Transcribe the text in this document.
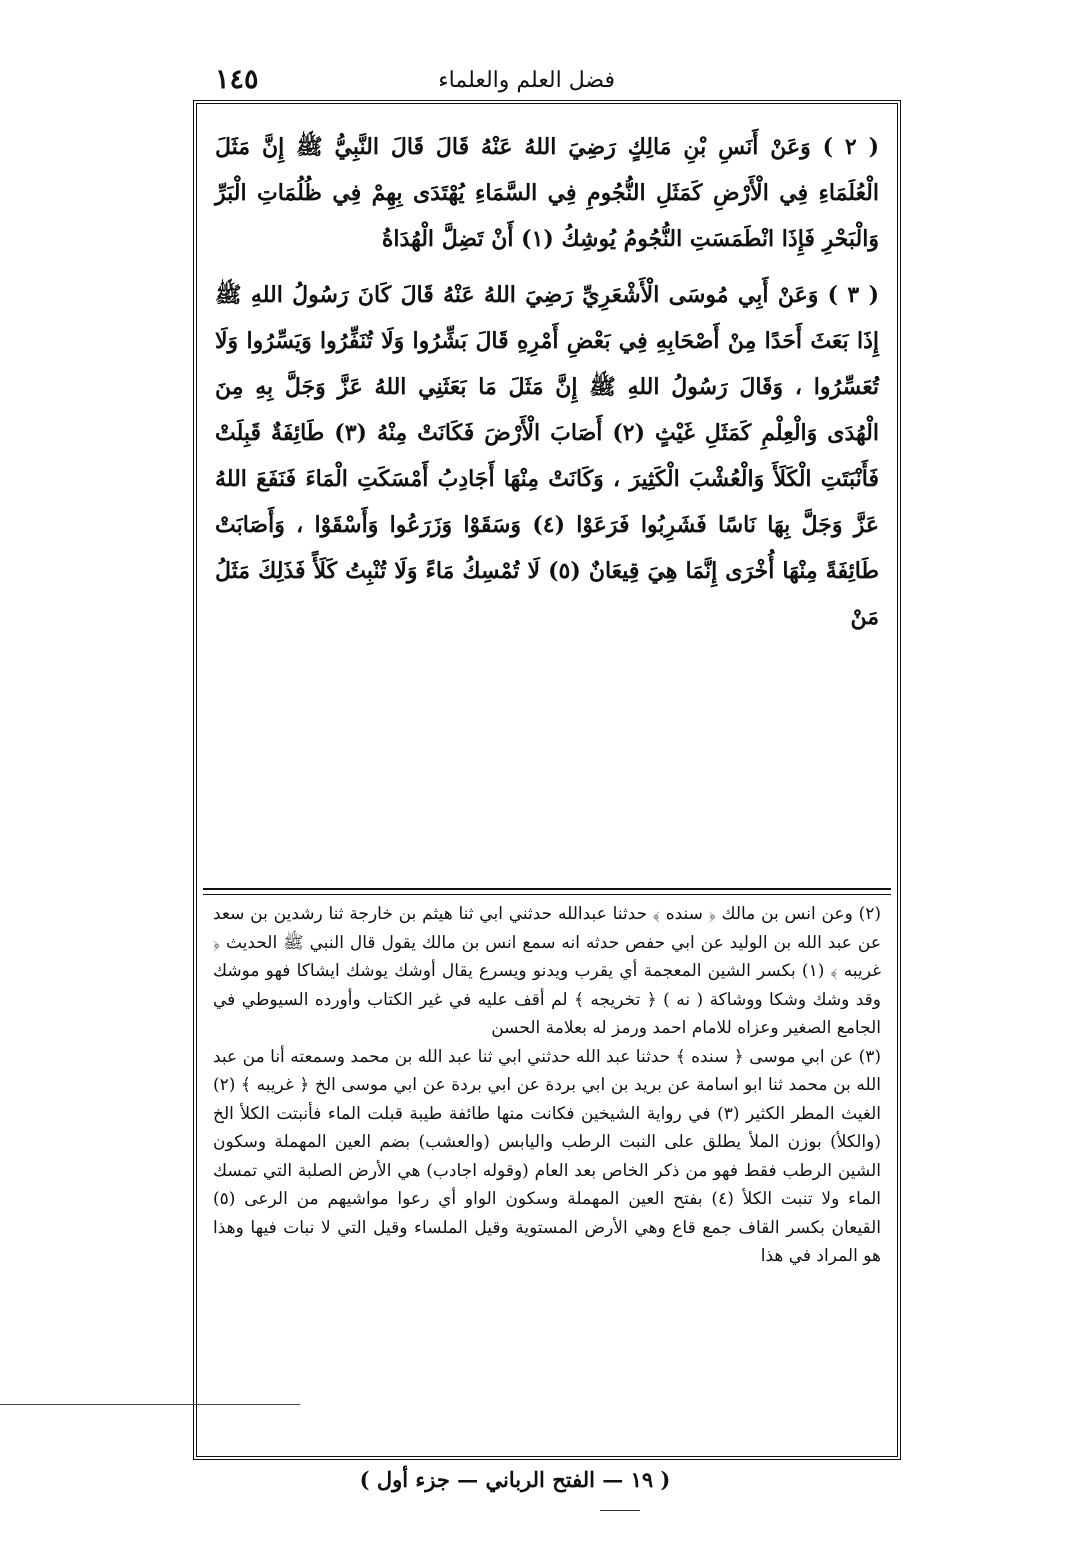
١٤٥	فضل العلم والعلماء

( ٢ ) وَعَنْ أَنَسِ بْنِ مَالِكٍ رَضِيَ اللهُ عَنْهُ قَالَ قَالَ النَّبِيُّ ﷺ إِنَّ مَثَلَ الْعُلَمَاءِ فِي الْأَرْضِ كَمَثَلِ النُّجُومِ فِي السَّمَاءِ يُهْتَدَى بِهِمْ فِي ظُلُمَاتِ الْبَرِّ وَالْبَحْرِ فَإِذَا انْطَمَسَتِ النُّجُومُ يُوشِكُ (١) أَنْ تَضِلَّ الْهُدَاةُ

( ٣ ) وَعَنْ أَبِي مُوسَى الْأَشْعَرِيِّ رَضِيَ اللهُ عَنْهُ قَالَ كَانَ رَسُولُ اللهِ ﷺ إِذَا بَعَثَ أَحَدًا مِنْ أَصْحَابِهِ فِي بَعْضِ أَمْرِهِ قَالَ بَشِّرُوا وَلَا تُنَفِّرُوا وَيَسِّرُوا وَلَا تُعَسِّرُوا ، وَقَالَ رَسُولُ اللهِ ﷺ إِنَّ مَثَلَ مَا بَعَثَنِي اللهُ عَزَّ وَجَلَّ بِهِ مِنَ الْهُدَى وَالْعِلْمِ كَمَثَلِ غَيْثٍ (٢) أَصَابَ الْأَرْضَ فَكَانَتْ مِنْهُ (٣) طَائِفَةٌ قَبِلَتْ فَأَنْبَتَتِ الْكَلَأَ وَالْعُشْبَ الْكَثِيرَ ، وَكَانَتْ مِنْهَا أَجَادِبُ أَمْسَكَتِ الْمَاءَ فَنَفَعَ اللهُ عَزَّ وَجَلَّ بِهَا نَاسًا فَشَرِبُوا فَرَعَوْا (٤) وَسَقَوْا وَزَرَعُوا وَأَسْقَوْا ، وَأَصَابَتْ طَائِفَةً مِنْهَا أُخْرَى إِنَّمَا هِيَ قِيعَانٌ (٥) لَا تُمْسِكُ مَاءً وَلَا تُنْبِتُ كَلَأً فَذَلِكَ مَثَلُ مَنْ

(٢) وعن انس بن مالك ﴿ سنده ﴾ حدثنا عبدالله حدثني ابي ثنا هيثم بن خارجة ثنا رشدين بن سعد عن عبد الله بن الوليد عن ابي حفص حدثه انه سمع انس بن مالك يقول قال النبي ﷺ الحديث ﴿ غريبه ﴾ (١) بكسر الشين المعجمة أي يقرب ويدنو ويسرع يقال أوشك يوشك ايشاكا فهو موشك وقد وشك وشكا ووشاكة ( نه ) ﴿ تخريجه ﴾ لم أقف عليه في غير الكتاب وأورده السيوطي في الجامع الصغير وعزاه للامام احمد ورمز له بعلامة الحسن

(٣) عن ابي موسى ﴿ سنده ﴾ حدثنا عبد الله حدثني ابي ثنا عبد الله بن محمد وسمعته أنا من عبد الله بن محمد ثنا ابو اسامة عن بريد بن ابي بردة عن ابي بردة عن ابي موسى الخ ﴿ غريبه ﴾ (٢) الغيث المطر الكثير (٣) في رواية الشيخين فكانت منها طائفة طيبة قبلت الماء فأنبتت الكلأ الخ (والكلأ) بوزن الملأ يطلق على النبت الرطب واليابس (والعشب) بضم العين المهملة وسكون الشين الرطب فقط فهو من ذكر الخاص بعد العام (وقوله اجادب) هي الأرض الصلبة التي تمسك الماء ولا تنبت الكلأ (٤) بفتح العين المهملة وسكون الواو أي رعوا مواشيهم من الرعى (٥) القيعان بكسر القاف جمع قاع وهي الأرض المستوية وقيل الملساء وقيل التي لا نبات فيها وهذا هو المراد في هذا

( ١٩ — الفتح الرباني — جزء أول )
